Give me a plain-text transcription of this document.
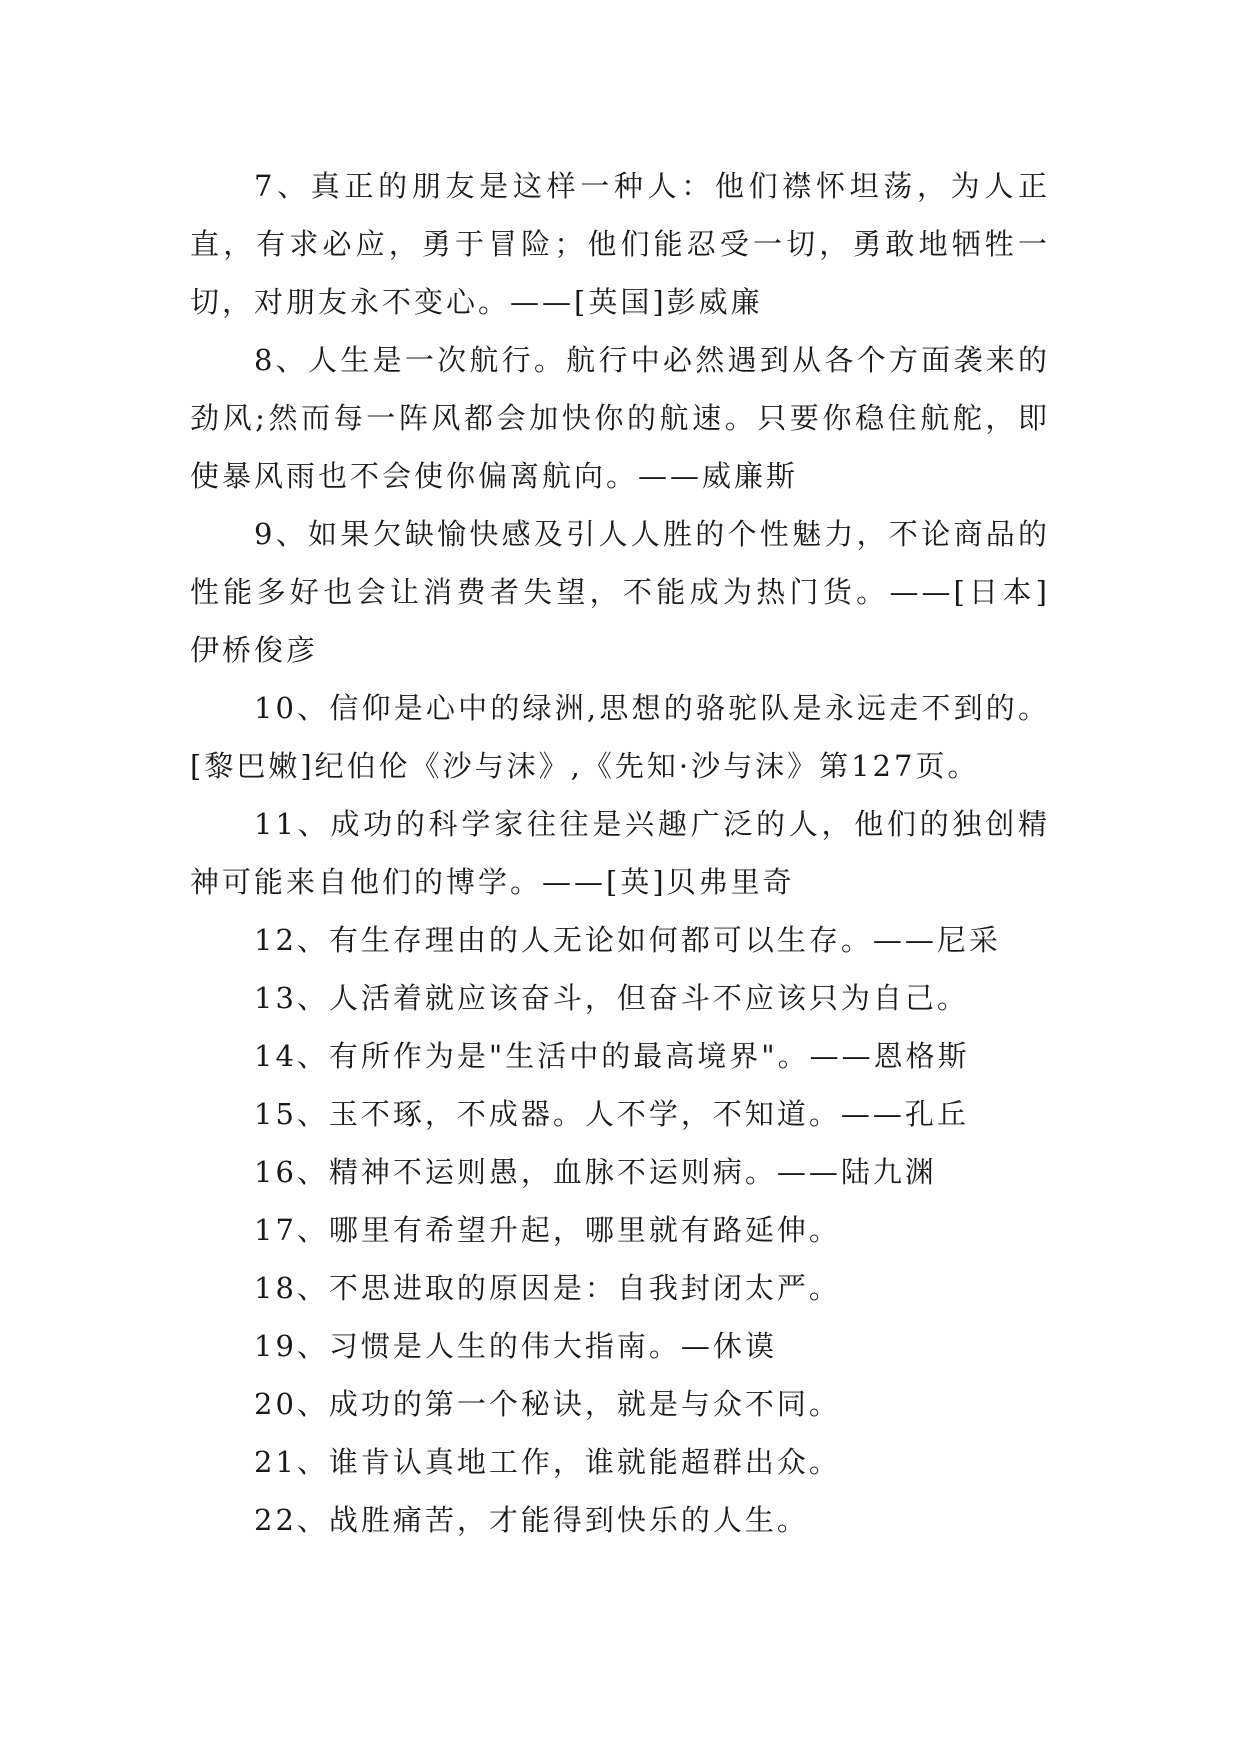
7、真正的朋友是这样一种人：他们襟怀坦荡，为人正直，有求必应，勇于冒险；他们能忍受一切，勇敢地牺牲一切，对朋友永不变心。——[英国]彭威廉

8、人生是一次航行。航行中必然遇到从各个方面袭来的劲风;然而每一阵风都会加快你的航速。只要你稳住航舵，即使暴风雨也不会使你偏离航向。——威廉斯

9、如果欠缺愉快感及引人人胜的个性魅力，不论商品的性能多好也会让消费者失望，不能成为热门货。——[日本]伊桥俊彦

10、信仰是心中的绿洲,思想的骆驼队是永远走不到的。[黎巴嫩]纪伯伦《沙与沫》,《先知·沙与沫》第127页。

11、成功的科学家往往是兴趣广泛的人，他们的独创精神可能来自他们的博学。——[英]贝弗里奇

12、有生存理由的人无论如何都可以生存。——尼采

13、人活着就应该奋斗，但奋斗不应该只为自己。

14、有所作为是"生活中的最高境界"。——恩格斯

15、玉不琢，不成器。人不学，不知道。——孔丘

16、精神不运则愚，血脉不运则病。——陆九渊

17、哪里有希望升起，哪里就有路延伸。

18、不思进取的原因是：自我封闭太严。

19、习惯是人生的伟大指南。—休谟

20、成功的第一个秘诀，就是与众不同。

21、谁肯认真地工作，谁就能超群出众。

22、战胜痛苦，才能得到快乐的人生。
